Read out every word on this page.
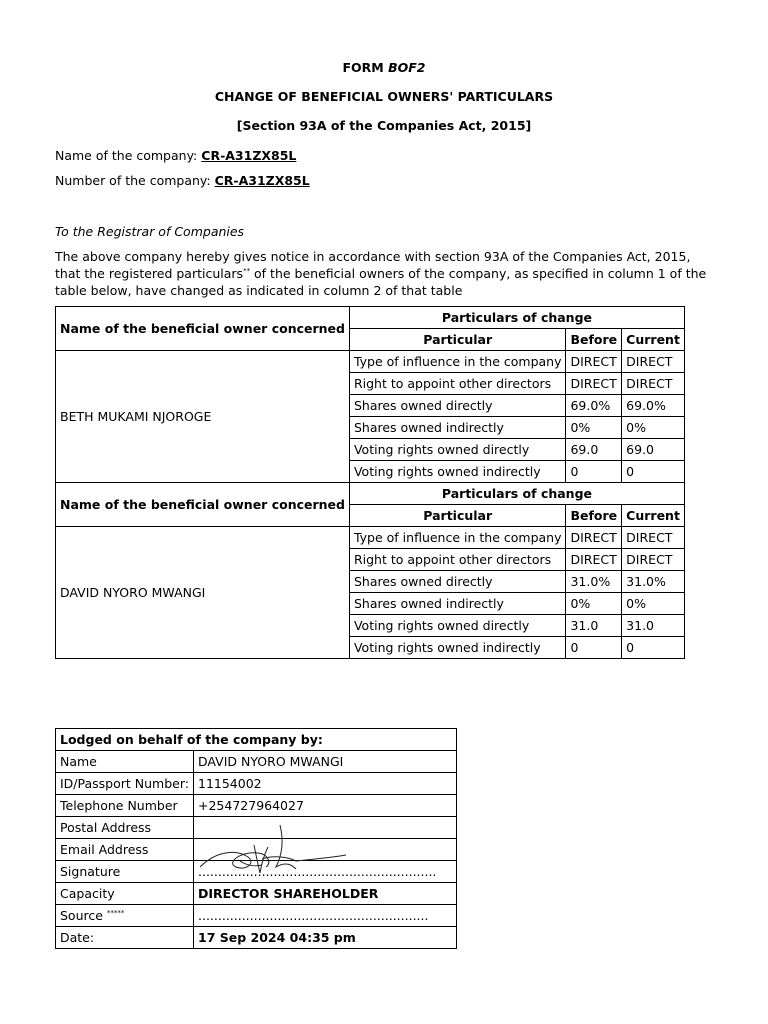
FORM BOF2
CHANGE OF BENEFICIAL OWNERS' PARTICULARS
[Section 93A of the Companies Act, 2015]
Name of the company: CR-A31ZX85L
Number of the company: CR-A31ZX85L
To the Registrar of Companies
The above company hereby gives notice in accordance with section 93A of the Companies Act, 2015, that the registered particulars** of the beneficial owners of the company, as specified in column 1 of the table below, have changed as indicated in column 2 of that table
Name of the beneficial owner concerned	Particulars of change		
	Particular	Before	Current
BETH MUKAMI NJOROGE	Type of influence in the company	DIRECT	DIRECT
	Right to appoint other directors	DIRECT	DIRECT
	Shares owned directly	69.0%	69.0%
	Shares owned indirectly	0%	0%
	Voting rights owned directly	69.0	69.0
	Voting rights owned indirectly	0	0
Name of the beneficial owner concerned	Particulars of change		
	Particular	Before	Current
DAVID NYORO MWANGI	Type of influence in the company	DIRECT	DIRECT
	Right to appoint other directors	DIRECT	DIRECT
	Shares owned directly	31.0%	31.0%
	Shares owned indirectly	0%	0%
	Voting rights owned directly	31.0	31.0
	Voting rights owned indirectly	0	0
Lodged on behalf of the company by:	
Name	DAVID NYORO MWANGI
ID/Passport Number:	11154002
Telephone Number	+254727964027
Postal Address	
Email Address	
Signature	............................................................

Capacity	DIRECTOR SHAREHOLDER
Source *****	..........................................................
Date:	17 Sep 2024 04:35 pm
